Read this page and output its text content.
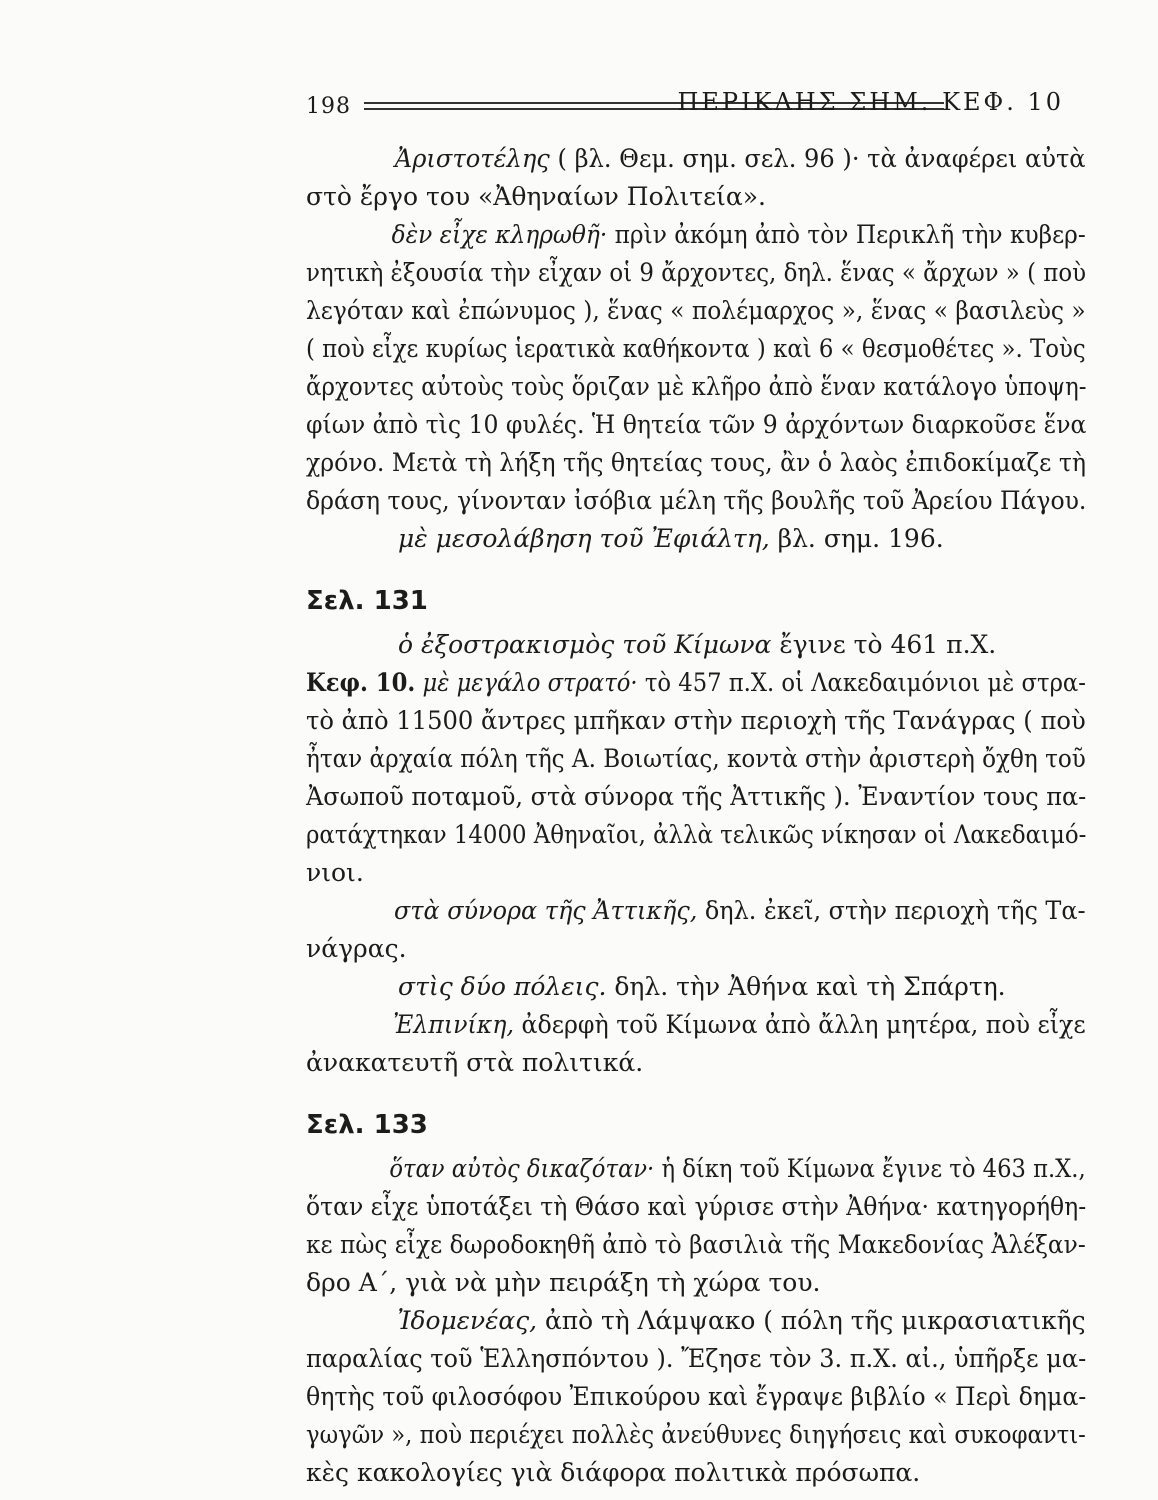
198	ΠΕΡΙΚΛΗΣ ΣΗΜ. ΚΕΦ. 10
Ἀριστοτέλης ( βλ. Θεμ. σημ. σελ. 96 )· τὰ ἀναφέρει αὐτὰ
στὸ ἔργο του «Ἀθηναίων Πολιτεία».
δὲν εἶχε κληρωθῆ· πρὶν ἀκόμη ἀπὸ τὸν Περικλῆ τὴν κυβερ-
νητικὴ ἐξουσία τὴν εἶχαν οἱ 9 ἄρχοντες, δηλ. ἕνας « ἄρχων » ( ποὺ
λεγόταν καὶ ἐπώνυμος ), ἕνας « πολέμαρχος », ἕνας « βασιλεὺς »
( ποὺ εἶχε κυρίως ἱερατικὰ καθήκοντα ) καὶ 6 « θεσμοθέτες ». Τοὺς
ἄρχοντες αὐτοὺς τοὺς ὅριζαν μὲ κλῆρο ἀπὸ ἕναν κατάλογο ὑποψη-
φίων ἀπὸ τὶς 10 φυλές. Ἡ θητεία τῶν 9 ἀρχόντων διαρκοῦσε ἕνα
χρόνο. Μετὰ τὴ λήξη τῆς θητείας τους, ἂν ὁ λαὸς ἐπιδοκίμαζε τὴ
δράση τους, γίνονταν ἰσόβια μέλη τῆς βουλῆς τοῦ Ἀρείου Πάγου.
μὲ μεσολάβηση τοῦ Ἐφιάλτη, βλ. σημ. 196.
Σελ. 131
ὁ ἐξοστρακισμὸς τοῦ Κίμωνα ἔγινε τὸ 461 π.Χ.
Κεφ. 10. μὲ μεγάλο στρατό· τὸ 457 π.Χ. οἱ Λακεδαιμόνιοι μὲ στρα-
τὸ ἀπὸ 11500 ἄντρες μπῆκαν στὴν περιοχὴ τῆς Τανάγρας ( ποὺ
ἦταν ἀρχαία πόλη τῆς Α. Βοιωτίας, κοντὰ στὴν ἀριστερὴ ὄχθη τοῦ
Ἀσωποῦ ποταμοῦ, στὰ σύνορα τῆς Ἀττικῆς ). Ἐναντίον τους πα-
ρατάχτηκαν 14000 Ἀθηναῖοι, ἀλλὰ τελικῶς νίκησαν οἱ Λακεδαιμό-
νιοι.
στὰ σύνορα τῆς Ἀττικῆς, δηλ. ἐκεῖ, στὴν περιοχὴ τῆς Τα-
νάγρας.
στὶς δύο πόλεις. δηλ. τὴν Ἀθήνα καὶ τὴ Σπάρτη.
Ἐλπινίκη, ἀδερφὴ τοῦ Κίμωνα ἀπὸ ἄλλη μητέρα, ποὺ εἶχε
ἀνακατευτῆ στὰ πολιτικά.
Σελ. 133
ὅταν αὐτὸς δικαζόταν· ἡ δίκη τοῦ Κίμωνα ἔγινε τὸ 463 π.Χ.,
ὅταν εἶχε ὑποτάξει τὴ Θάσο καὶ γύρισε στὴν Ἀθήνα· κατηγορήθη-
κε πὼς εἶχε δωροδοκηθῆ ἀπὸ τὸ βασιλιὰ τῆς Μακεδονίας Ἀλέξαν-
δρο Α΄, γιὰ νὰ μὴν πειράξη τὴ χώρα του.
Ἰδομενέας, ἀπὸ τὴ Λάμψακο ( πόλη τῆς μικρασιατικῆς
παραλίας τοῦ Ἑλλησπόντου ). Ἔζησε τὸν 3. π.Χ. αἰ., ὑπῆρξε μα-
θητὴς τοῦ φιλοσόφου Ἐπικούρου καὶ ἔγραψε βιβλίο « Περὶ δημα-
γωγῶν », ποὺ περιέχει πολλὲς ἀνεύθυνες διηγήσεις καὶ συκοφαντι-
κὲς κακολογίες γιὰ διάφορα πολιτικὰ πρόσωπα.
